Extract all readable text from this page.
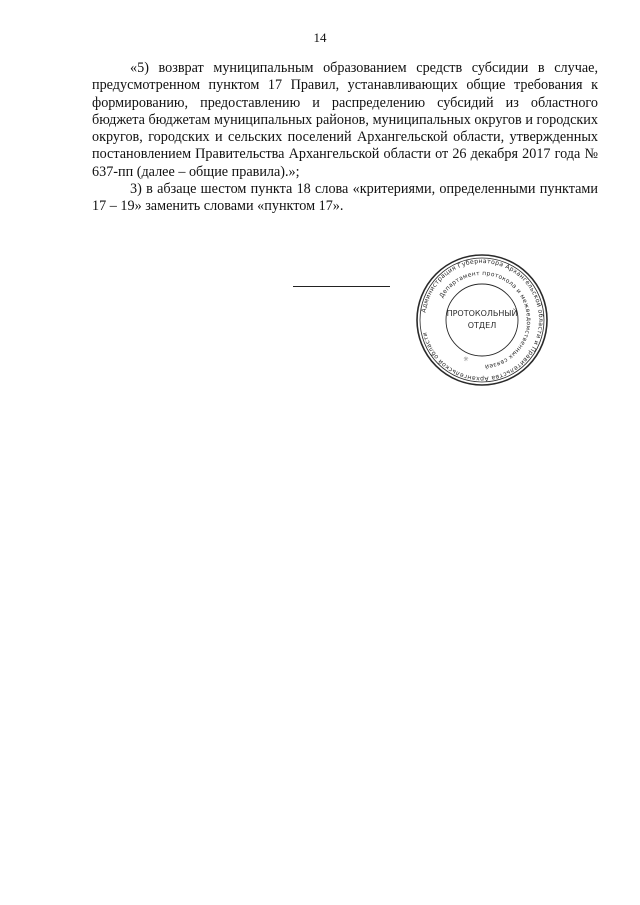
14

«5) возврат муниципальным образованием средств субсидии в случае, предусмотренном пунктом 17 Правил, устанавливающих общие требования к формированию, предоставлению и распределению субсидий из областного бюджета бюджетам муниципальных районов, муниципальных округов и городских округов, городских и сельских поселений Архангельской области, утвержденных постановлением Правительства Архангельской области от 26 декабря 2017 года № 637-пп (далее – общие правила).»;

3) в абзаце шестом пункта 18 слова «критериями, определенными пунктами 17 – 19» заменить словами «пунктом 17».

Администрация Губернатора Архангельской области и Правительства Архангельской области
Департамент протокола и межведомственных связей
ПРОТОКОЛЬНЫЙ
ОТДЕЛ
☼
